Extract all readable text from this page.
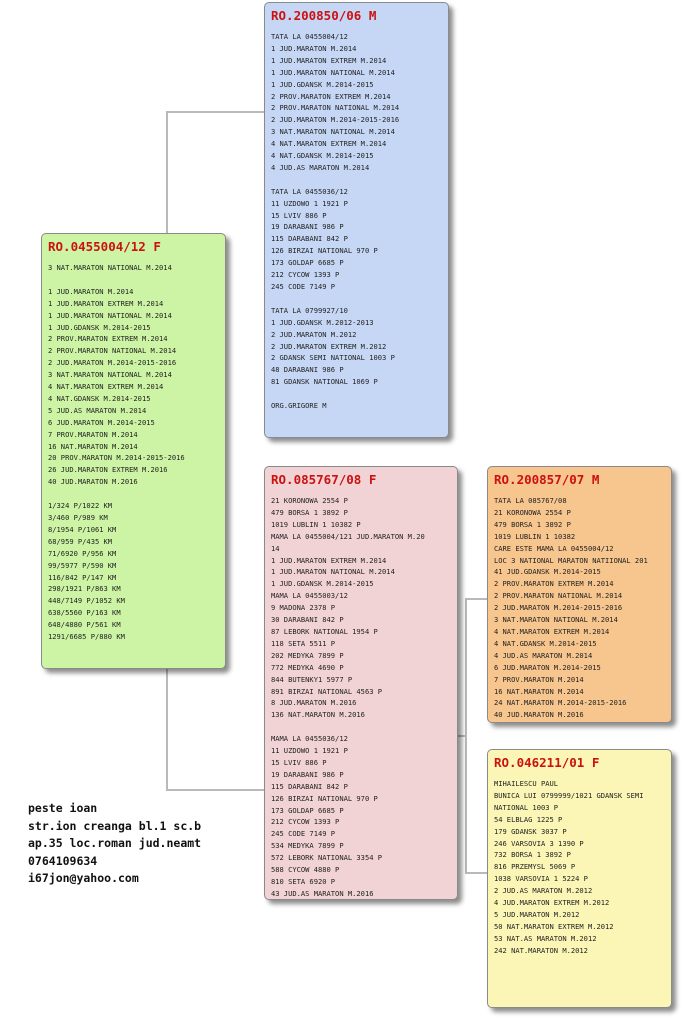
RO.200850/06 M
TATA LA 0455004/12
1 JUD.MARATON M.2014
1 JUD.MARATON EXTREM M.2014
1 JUD.MARATON NATIONAL M.2014
1 JUD.GDANSK M.2014-2015
2 PROV.MARATON EXTREM M.2014
2 PROV.MARATON NATIONAL M.2014
2 JUD.MARATON M.2014-2015-2016
3 NAT.MARATON NATIONAL M.2014
4 NAT.MARATON EXTREM M.2014
4 NAT.GDANSK M.2014-2015
4 JUD.AS MARATON M.2014
TATA LA 0455036/12
11 UZDOWO 1 1921 P
15 LVIV 886 P
19 DARABANI 986 P
115 DARABANI 842 P
126 BIRZAI NATIONAL 970 P
173 GOLDAP 6685 P
212 CYCOW 1393 P
245 CODE 7149 P
TATA LA 0799927/10
1 JUD.GDANSK M.2012-2013
2 JUD.MARATON M.2012
2 JUD.MARATON EXTREM M.2012
2 GDANSK SEMI NATIONAL 1003 P
48 DARABANI 986 P
81 GDANSK NATIONAL 1069 P
ORG.GRIGORE M
RO.0455004/12 F
3 NAT.MARATON NATIONAL M.2014
1 JUD.MARATON M.2014
1 JUD.MARATON EXTREM M.2014
1 JUD.MARATON NATIONAL M.2014
1 JUD.GDANSK M.2014-2015
2 PROV.MARATON EXTREM M.2014
2 PROV.MARATON NATIONAL M.2014
2 JUD.MARATON M.2014-2015-2016
3 NAT.MARATON NATIONAL M.2014
4 NAT.MARATON EXTREM M.2014
4 NAT.GDANSK M.2014-2015
5 JUD.AS MARATON M.2014
6 JUD.MARATON M.2014-2015
7 PROV.MARATON M.2014
16 NAT.MARATON M.2014
20 PROV.MARATON M.2014-2015-2016
26 JUD.MARATON EXTREM M.2016
40 JUD.MARATON M.2016
1/324 P/1022 KM
3/460 P/989 KM
8/1954 P/1061 KM
68/959 P/435 KM
71/6920 P/956 KM
99/5977 P/590 KM
116/842 P/147 KM
298/1921 P/863 KM
448/7149 P/1052 KM
638/5560 P/163 KM
648/4880 P/561 KM
1291/6685 P/880 KM
RO.085767/08 F
21 KORONOWA 2554 P
479 BORSA 1 3892 P
1019 LUBLIN 1 10382 P
MAMA LA 0455004/121 JUD.MARATON M.20
14
1 JUD.MARATON EXTREM M.2014
1 JUD.MARATON NATIONAL M.2014
1 JUD.GDANSK M.2014-2015
MAMA LA 0455003/12
9 MADONA 2378 P
30 DARABANI 842 P
87 LEBORK NATIONAL 1954 P
118 SETA 5511 P
202 MEDYKA 7899 P
772 MEDYKA 4690 P
844 BUTENKY1 5977 P
891 BIRZAI NATIONAL 4563 P
8 JUD.MARATON M.2016
136 NAT.MARATON M.2016
MAMA LA 0455036/12
11 UZDOWO 1 1921 P
15 LVIV 886 P
19 DARABANI 986 P
115 DARABANI 842 P
126 BIRZAI NATIONAL 970 P
173 GOLDAP 6685 P
212 CYCOW 1393 P
245 CODE 7149 P
534 MEDYKA 7899 P
572 LEBORK NATIONAL 3354 P
588 CYCOW 4880 P
810 SETA 6920 P
43 JUD.AS MARATON M.2016
RO.200857/07 M
TATA LA 085767/08
21 KORONOWA 2554 P
479 BORSA 1 3892 P
1019 LUBLIN 1 10382
CARE ESTE MAMA LA 0455004/12
LOC 3 NATIONAL MARATON NATIIONAL 201
41 JUD.GDANSK M.2014-2015
2 PROV.MARATON EXTREM M.2014
2 PROV.MARATON NATIONAL M.2014
2 JUD.MARATON M.2014-2015-2016
3 NAT.MARATON NATIONAL M.2014
4 NAT.MARATON EXTREM M.2014
4 NAT.GDANSK M.2014-2015
4 JUD.AS MARATON M.2014
6 JUD.MARATON M.2014-2015
7 PROV.MARATON M.2014
16 NAT.MARATON M.2014
24 NAT.MARATON M.2014-2015-2016
40 JUD.MARATON M.2016
RO.046211/01 F
MIHAILESCU PAUL
BUNICA LUI 0799999/1021 GDANSK SEMI
NATIONAL 1003 P
54 ELBLAG 1225 P
179 GDANSK 3037 P
246 VARSOVIA 3 1390 P
732 BORSA 1 3892 P
816 PRZEMYSL 5069 P
1038 VARSOVIA 1 5224 P
2 JUD.AS MARATON M.2012
4 JUD.MARATON EXTREM M.2012
5 JUD.MARATON M.2012
50 NAT.MARATON EXTREM M.2012
53 NAT.AS MARATON M.2012
242 NAT.MARATON M.2012
peste ioan
str.ion creanga bl.1 sc.b
ap.35 loc.roman jud.neamt
0764109634
i67jon@yahoo.com
